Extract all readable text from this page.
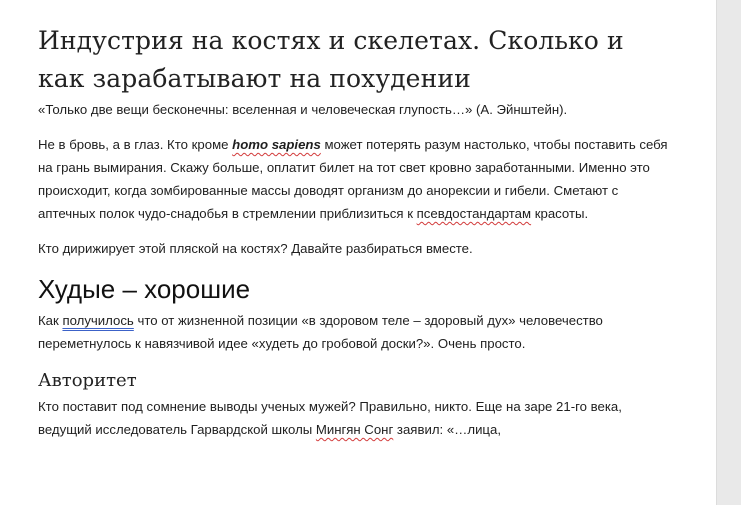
Индустрия на костях и скелетах. Сколько и как зарабатывают на похудении

«Только две вещи бесконечны: вселенная и человеческая глупость…» (А. Эйнштейн).

Не в бровь, а в глаз. Кто кроме homo sapiens может потерять разум настолько, чтобы поставить себя на грань вымирания. Скажу больше, оплатит билет на тот свет кровно заработанными. Именно это происходит, когда зомбированные массы доводят организм до анорексии и гибели. Сметают с аптечных полок чудо-снадобья в стремлении приблизиться к псевдостандартам красоты.

Кто дирижирует этой пляской на костях? Давайте разбираться вместе.

Худые – хорошие

Как получилось что от жизненной позиции «в здоровом теле – здоровый дух» человечество переметнулось к навязчивой идее «худеть до гробовой доски?». Очень просто.

Авторитет

Кто поставит под сомнение выводы ученых мужей? Правильно, никто. Еще на заре 21-го века, ведущий исследователь Гарвардской школы Мингян Сонг заявил: «…лица,
